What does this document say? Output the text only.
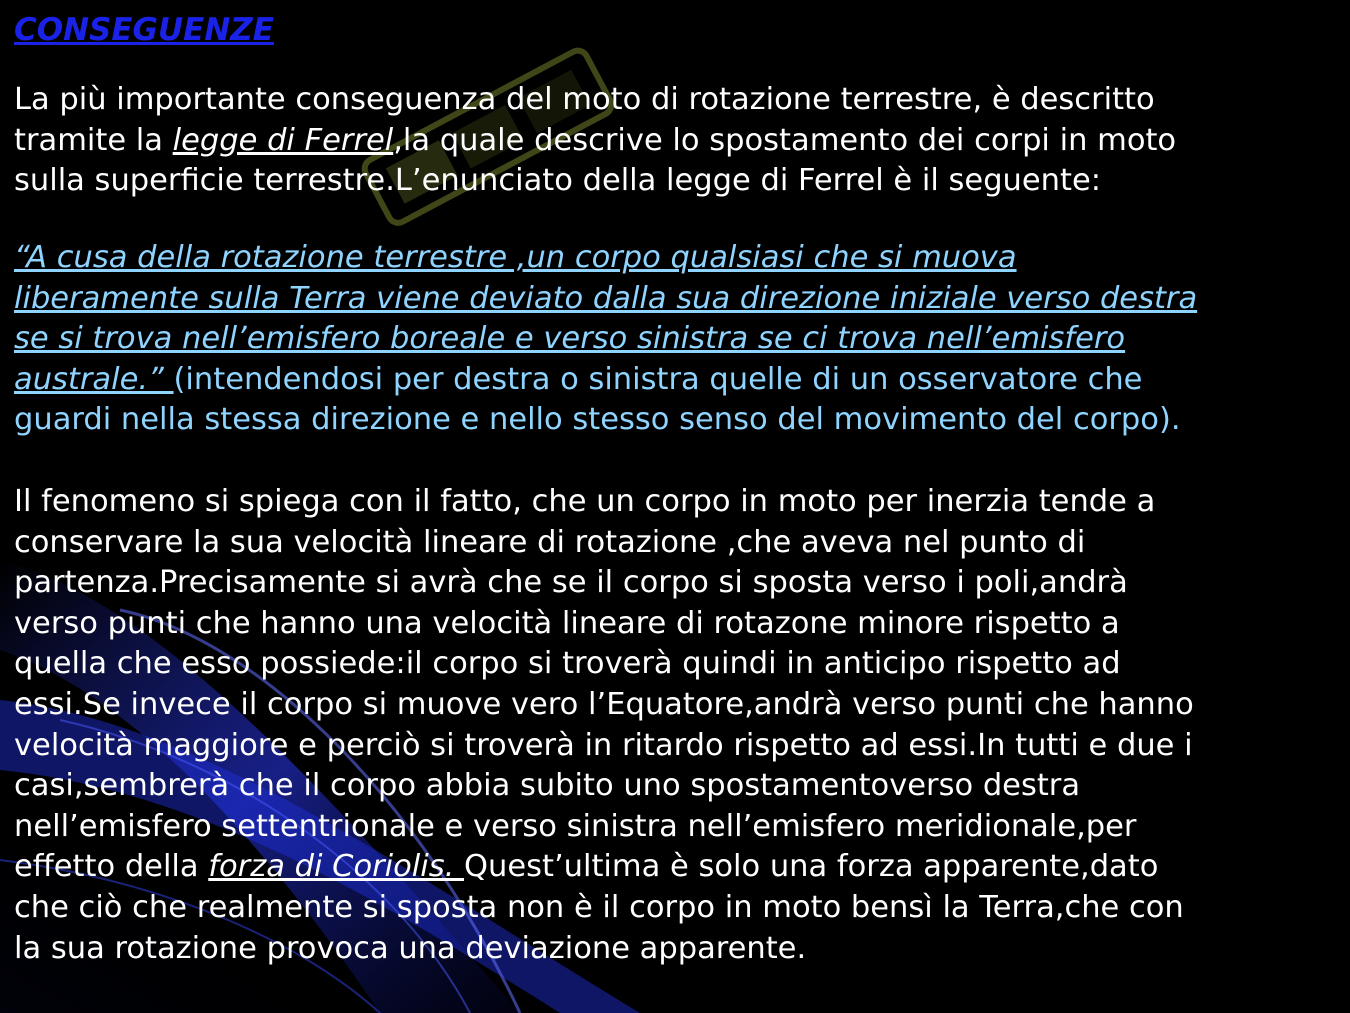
CONSEGUENZE

La più importante conseguenza del moto di rotazione terrestre, è descritto
tramite la legge di Ferrel,la quale descrive lo spostamento dei corpi in moto
sulla superficie terrestre.L’enunciato della legge di Ferrel è il seguente:

“A cusa della rotazione terrestre ,un corpo qualsiasi che si muova
liberamente sulla Terra viene deviato dalla sua direzione iniziale verso destra
se si trova nell’emisfero boreale e verso sinistra se ci trova nell’emisfero
australe.” (intendendosi per destra o sinistra quelle di un osservatore che
guardi nella stessa direzione e nello stesso senso del movimento del corpo).

Il fenomeno si spiega con il fatto, che un corpo in moto per inerzia tende a
conservare la sua velocità lineare di rotazione ,che aveva nel punto di
partenza.Precisamente si avrà che se il corpo si sposta verso i poli,andrà
verso punti che hanno una velocità lineare di rotazone minore rispetto a
quella che esso possiede:il corpo si troverà quindi in anticipo rispetto ad
essi.Se invece il corpo si muove vero l’Equatore,andrà verso punti che hanno
velocità maggiore e perciò si troverà in ritardo rispetto ad essi.In tutti e due i
casi,sembrerà che il corpo abbia subito uno spostamentoverso destra
nell’emisfero settentrionale e verso sinistra nell’emisfero meridionale,per
effetto della forza di Coriolis. Quest’ultima è solo una forza apparente,dato
che ciò che realmente si sposta non è il corpo in moto bensì la Terra,che con
la sua rotazione provoca una deviazione apparente.
